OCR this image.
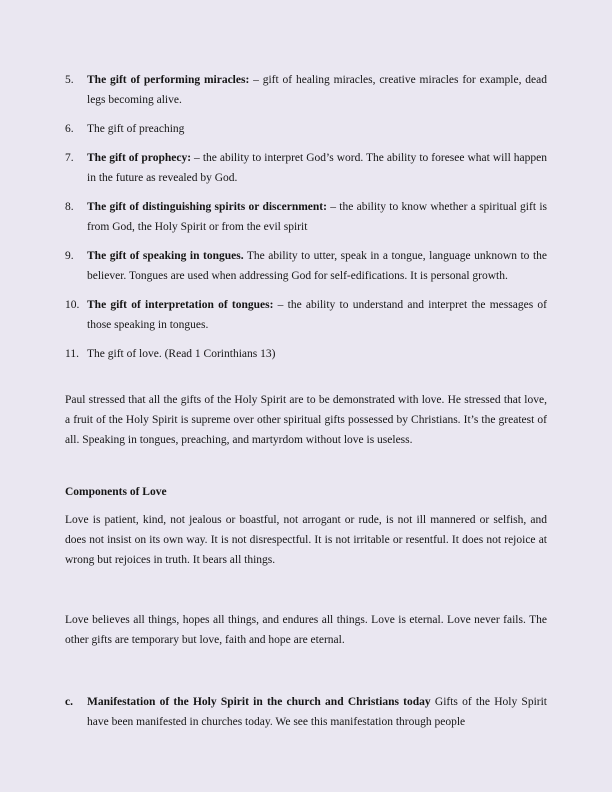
5.	The gift of performing miracles: – gift of healing miracles, creative miracles for example, dead legs becoming alive.
6.	The gift of preaching
7.	The gift of prophecy: – the ability to interpret God’s word. The ability to foresee what will happen in the future as revealed by God.
8.	The gift of distinguishing spirits or discernment: – the ability to know whether a spiritual gift is from God, the Holy Spirit or from the evil spirit
9.	The gift of speaking in tongues. The ability to utter, speak in a tongue, language unknown to the believer. Tongues are used when addressing God for self-edifications. It is personal growth.
10. The gift of interpretation of tongues: – the ability to understand and interpret the messages of those speaking in tongues.
11. The gift of love. (Read 1 Corinthians 13)

Paul stressed that all the gifts of the Holy Spirit are to be demonstrated with love. He stressed that love, a fruit of the Holy Spirit is supreme over other spiritual gifts possessed by Christians. It’s the greatest of all. Speaking in tongues, preaching, and martyrdom without love is useless.

Components of Love

Love is patient, kind, not jealous or boastful, not arrogant or rude, is not ill mannered or selfish, and does not insist on its own way. It is not disrespectful. It is not irritable or resentful. It does not rejoice at wrong but rejoices in truth. It bears all things.

Love believes all things, hopes all things, and endures all things. Love is eternal. Love never fails. The other gifts are temporary but love, faith and hope are eternal.

c.	Manifestation of the Holy Spirit in the church and Christians today Gifts of the Holy Spirit have been manifested in churches today. We see this manifestation through people
